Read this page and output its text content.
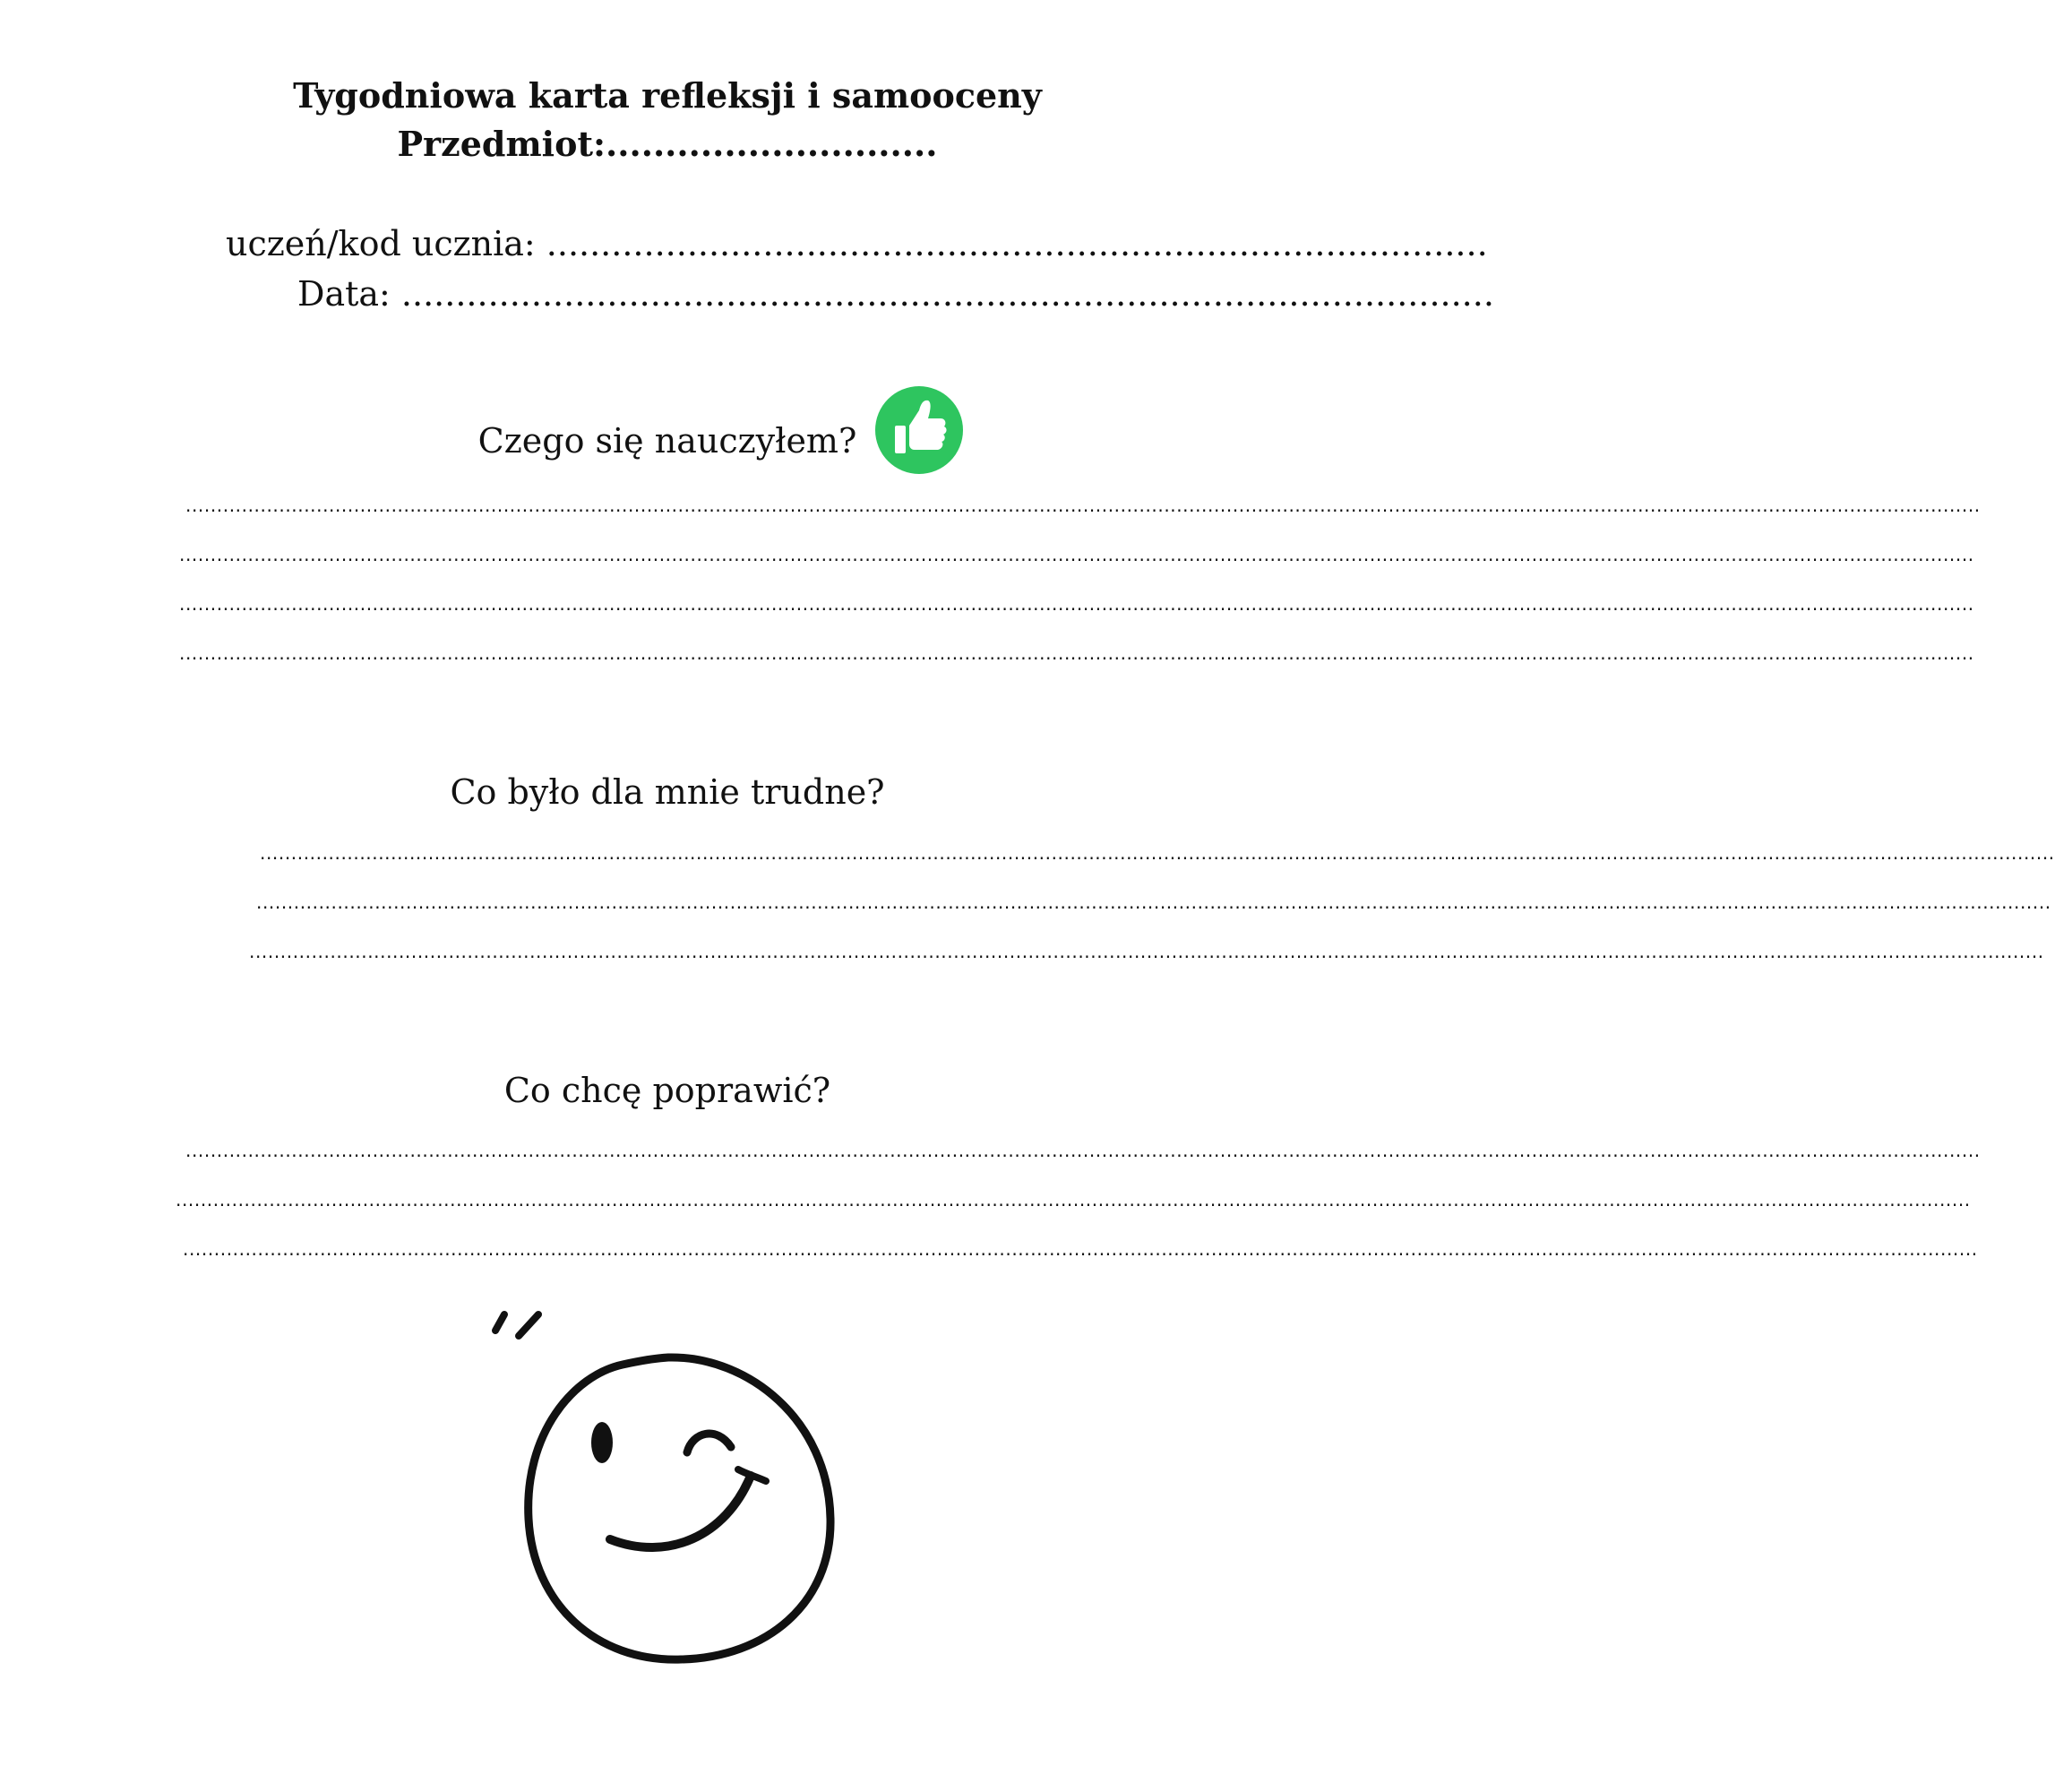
Tygodniowa karta refleksji i samooceny
Przedmiot:............................
uczeń/kod ucznia: .......................................................................................
Data: .....................................................................................................
Czego się nauczyłem?
................................................................................................................................................................................................................................................................................................
................................................................................................................................................................................................................................................................................................
................................................................................................................................................................................................................................................................................................
................................................................................................................................................................................................................................................................................................
Co było dla mnie trudne?
................................................................................................................................................................................................................................................................................................
................................................................................................................................................................................................................................................................................................
................................................................................................................................................................................................................................................................................................
Co chcę poprawić?
................................................................................................................................................................................................................................................................................................
................................................................................................................................................................................................................................................................................................
................................................................................................................................................................................................................................................................................................
